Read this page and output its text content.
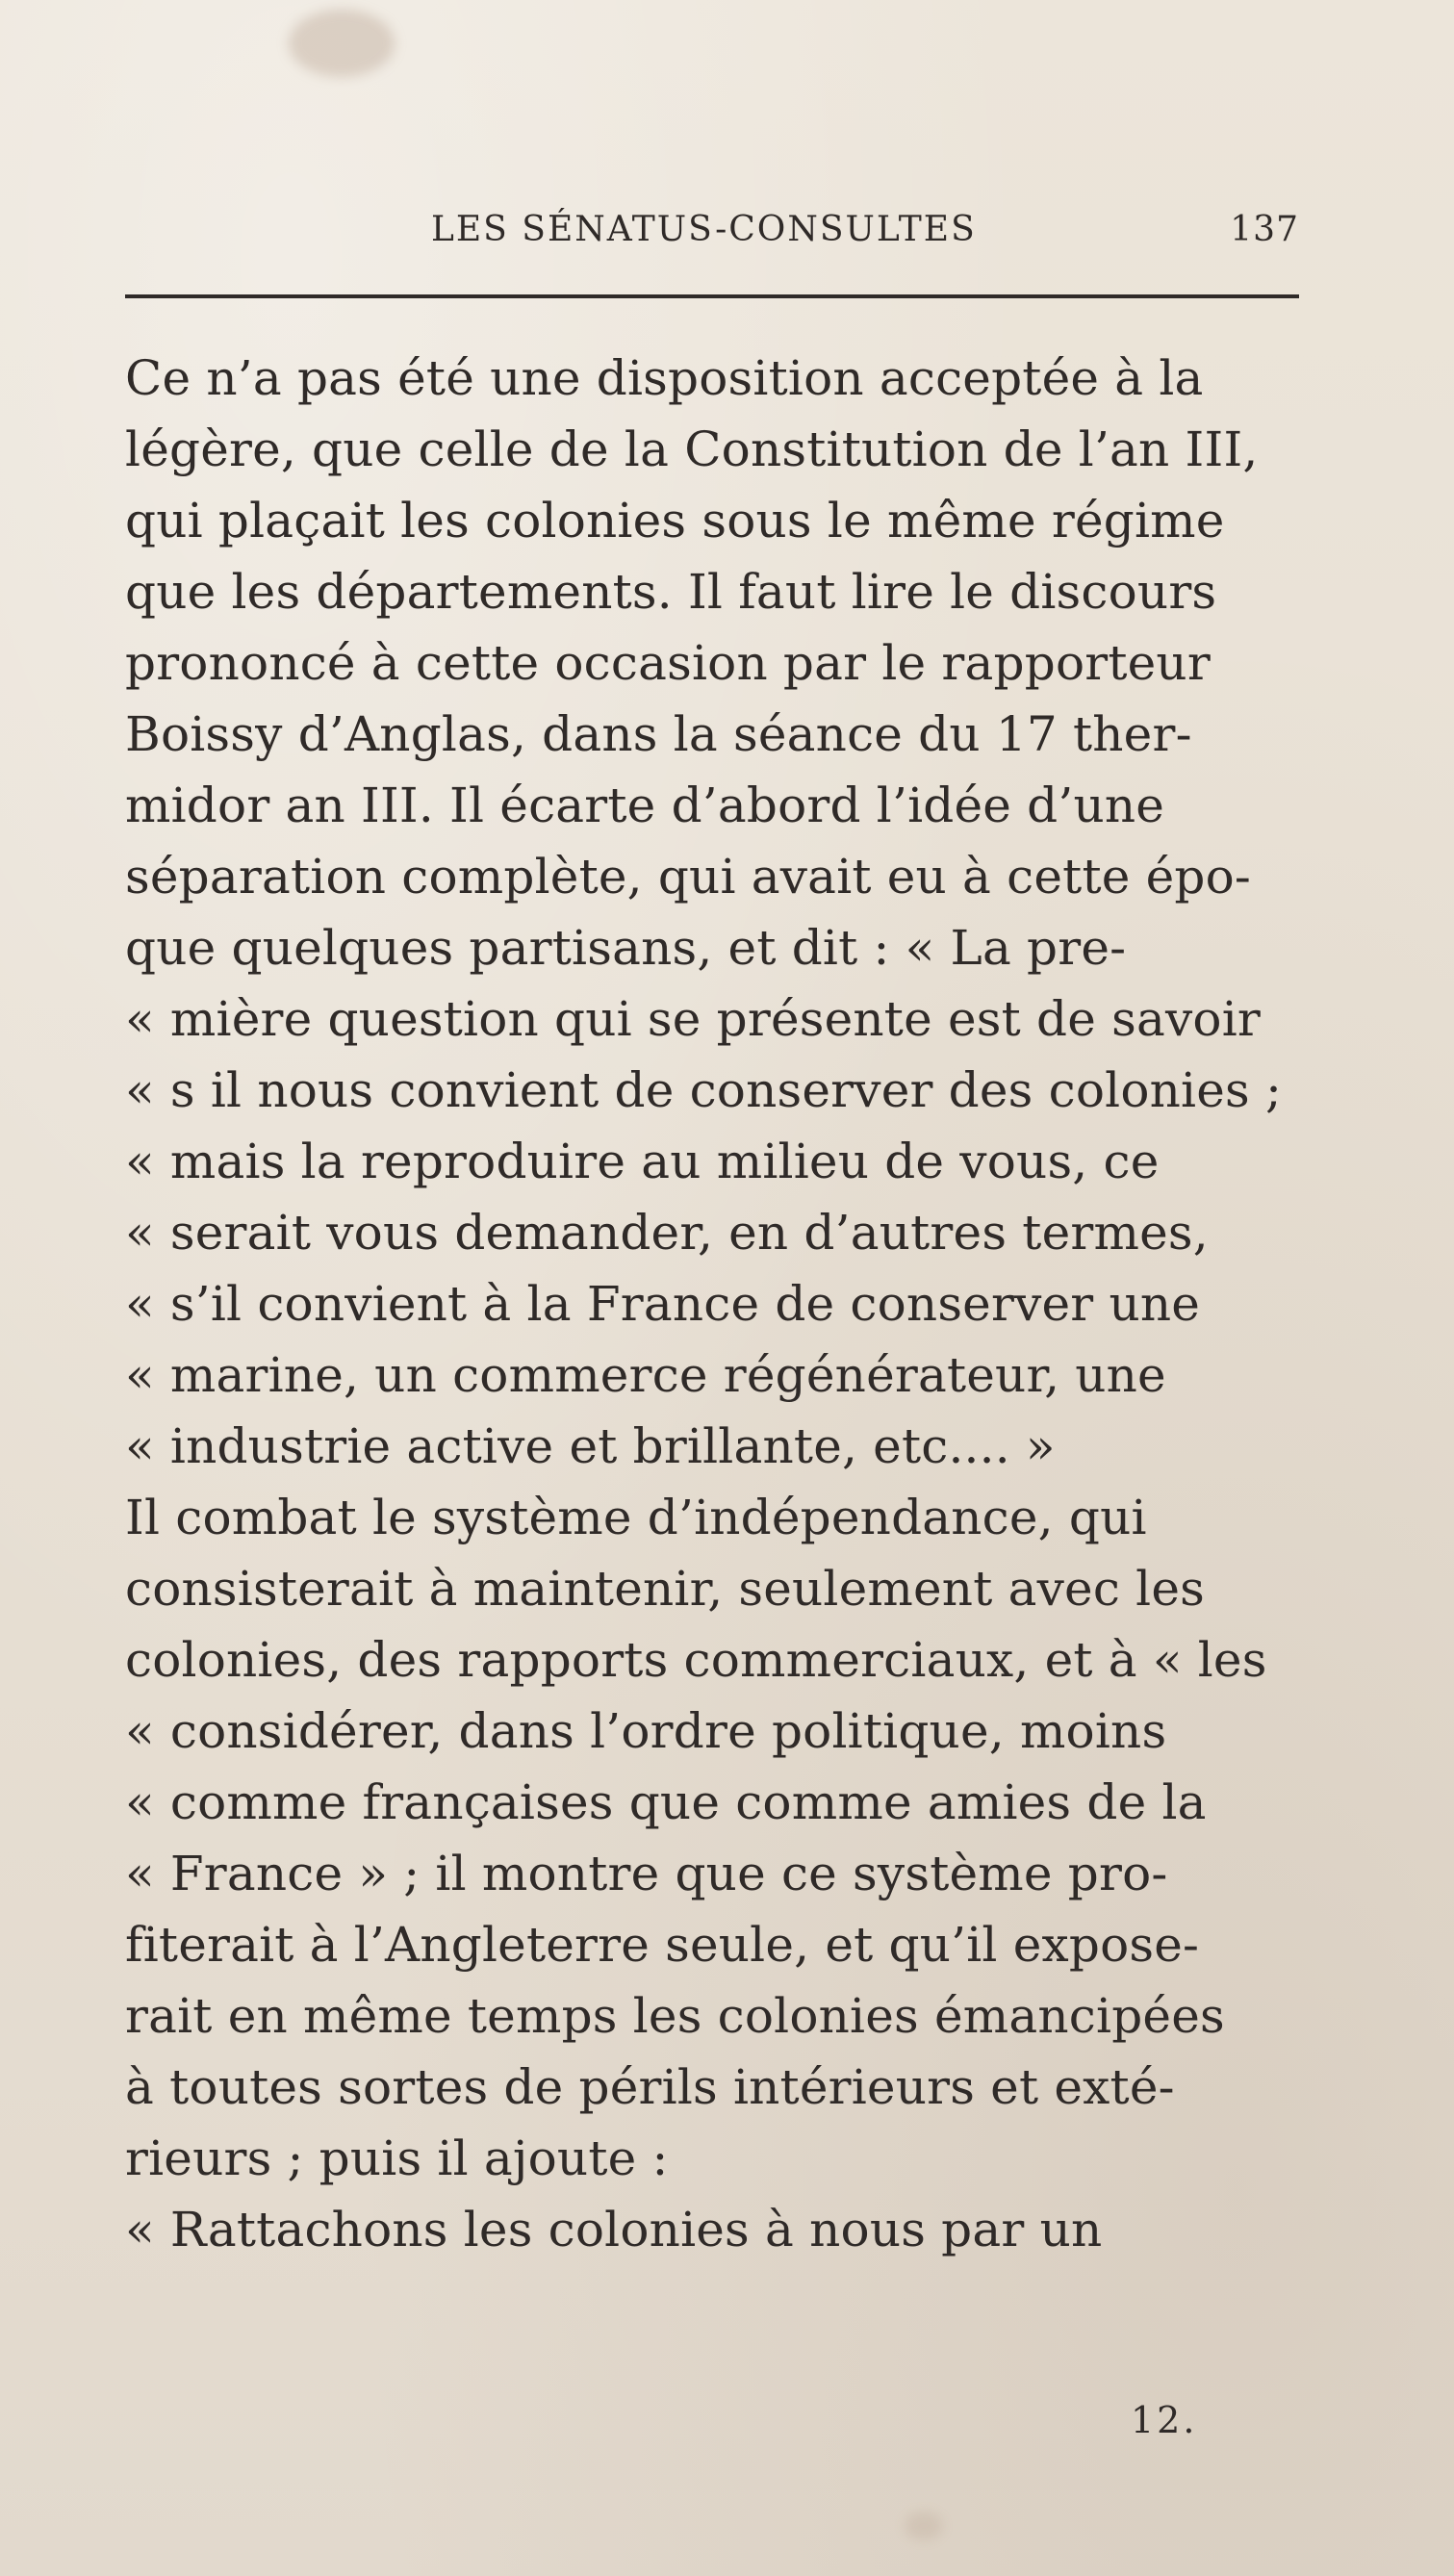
LES SÉNATUS-CONSULTES	137
Ce n’a pas été une disposition acceptée à la
légère, que celle de la Constitution de l’an III,
qui plaçait les colonies sous le même régime
que les départements. Il faut lire le discours
prononcé à cette occasion par le rapporteur
Boissy d’Anglas, dans la séance du 17 ther-
midor an III. Il écarte d’abord l’idée d’une
séparation complète, qui avait eu à cette épo-
que quelques partisans, et dit : « La pre-
« mière question qui se présente est de savoir
« s il nous convient de conserver des colonies ;
« mais la reproduire au milieu de vous, ce
« serait vous demander, en d’autres termes,
« s’il convient à la France de conserver une
« marine, un commerce régénérateur, une
« industrie active et brillante, etc.... »
Il combat le système d’indépendance, qui
consisterait à maintenir, seulement avec les
colonies, des rapports commerciaux, et à « les
« considérer, dans l’ordre politique, moins
« comme françaises que comme amies de la
« France » ; il montre que ce système pro-
fiterait à l’Angleterre seule, et qu’il expose-
rait en même temps les colonies émancipées
à toutes sortes de périls intérieurs et exté-
rieurs ; puis il ajoute :
« Rattachons les colonies à nous par un
12.
